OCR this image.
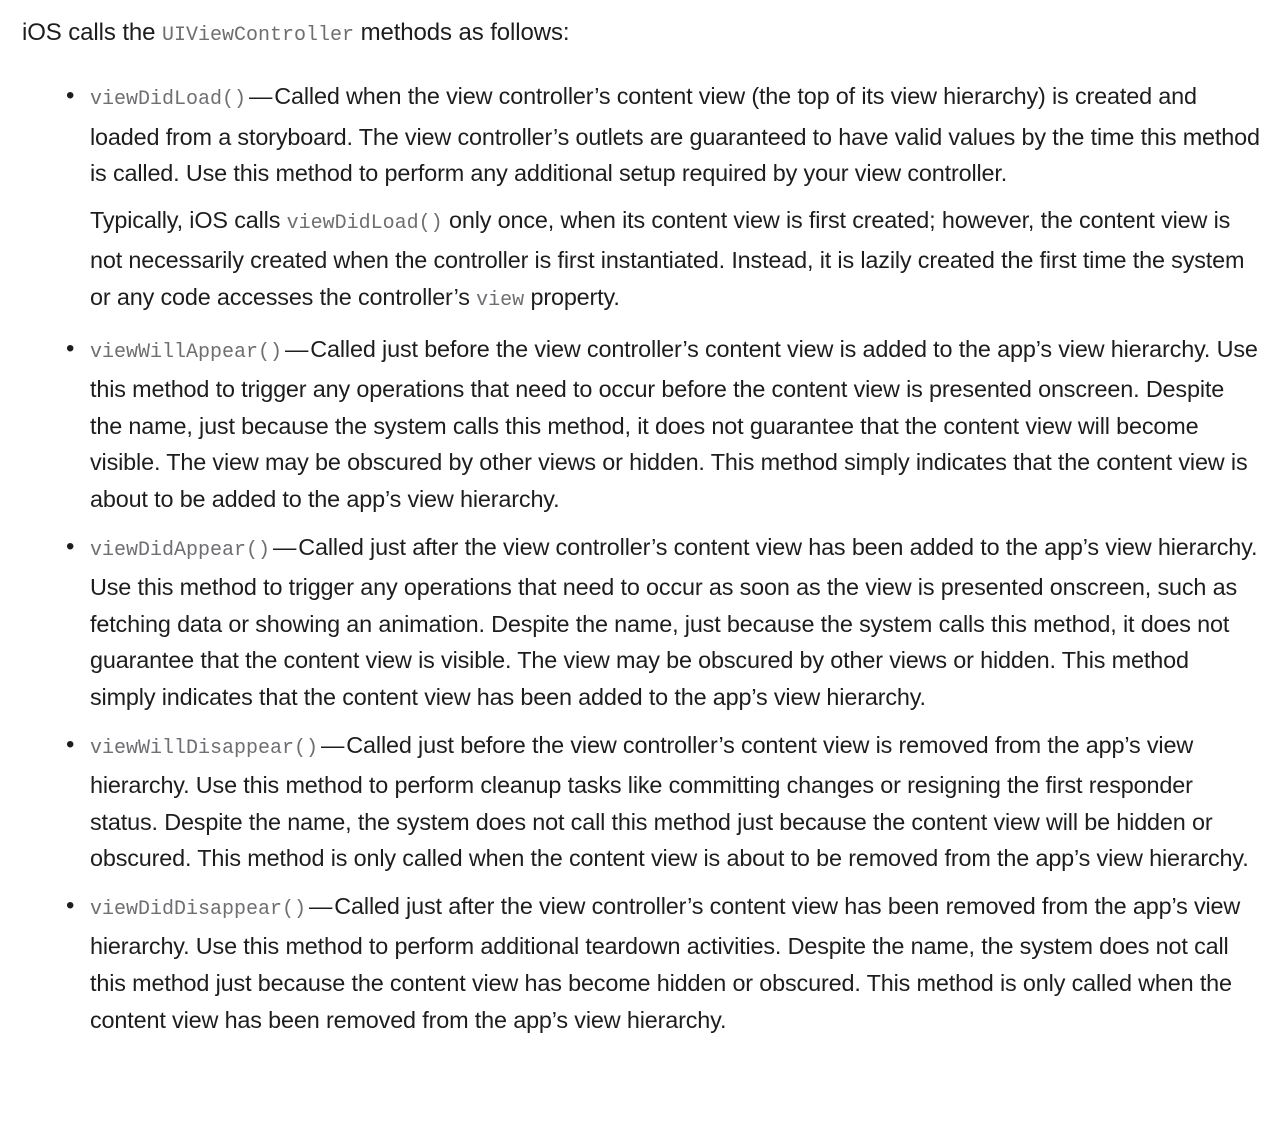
iOS calls the UIViewController methods as follows:

• viewDidLoad() —Called when the view controller’s content view (the top of its view hierarchy) is created and loaded from a storyboard. The view controller’s outlets are guaranteed to have valid values by the time this method is called. Use this method to perform any additional setup required by your view controller.

Typically, iOS calls viewDidLoad() only once, when its content view is first created; however, the content view is not necessarily created when the controller is first instantiated. Instead, it is lazily created the first time the system or any code accesses the controller’s view property.

• viewWillAppear() —Called just before the view controller’s content view is added to the app’s view hierarchy. Use this method to trigger any operations that need to occur before the content view is presented onscreen. Despite the name, just because the system calls this method, it does not guarantee that the content view will become visible. The view may be obscured by other views or hidden. This method simply indicates that the content view is about to be added to the app’s view hierarchy.

• viewDidAppear() —Called just after the view controller’s content view has been added to the app’s view hierarchy. Use this method to trigger any operations that need to occur as soon as the view is presented onscreen, such as fetching data or showing an animation. Despite the name, just because the system calls this method, it does not guarantee that the content view is visible. The view may be obscured by other views or hidden. This method simply indicates that the content view has been added to the app’s view hierarchy.

• viewWillDisappear() —Called just before the view controller’s content view is removed from the app’s view hierarchy. Use this method to perform cleanup tasks like committing changes or resigning the first responder status. Despite the name, the system does not call this method just because the content view will be hidden or obscured. This method is only called when the content view is about to be removed from the app’s view hierarchy.

• viewDidDisappear() —Called just after the view controller’s content view has been removed from the app’s view hierarchy. Use this method to perform additional teardown activities. Despite the name, the system does not call this method just because the content view has become hidden or obscured. This method is only called when the content view has been removed from the app’s view hierarchy.
